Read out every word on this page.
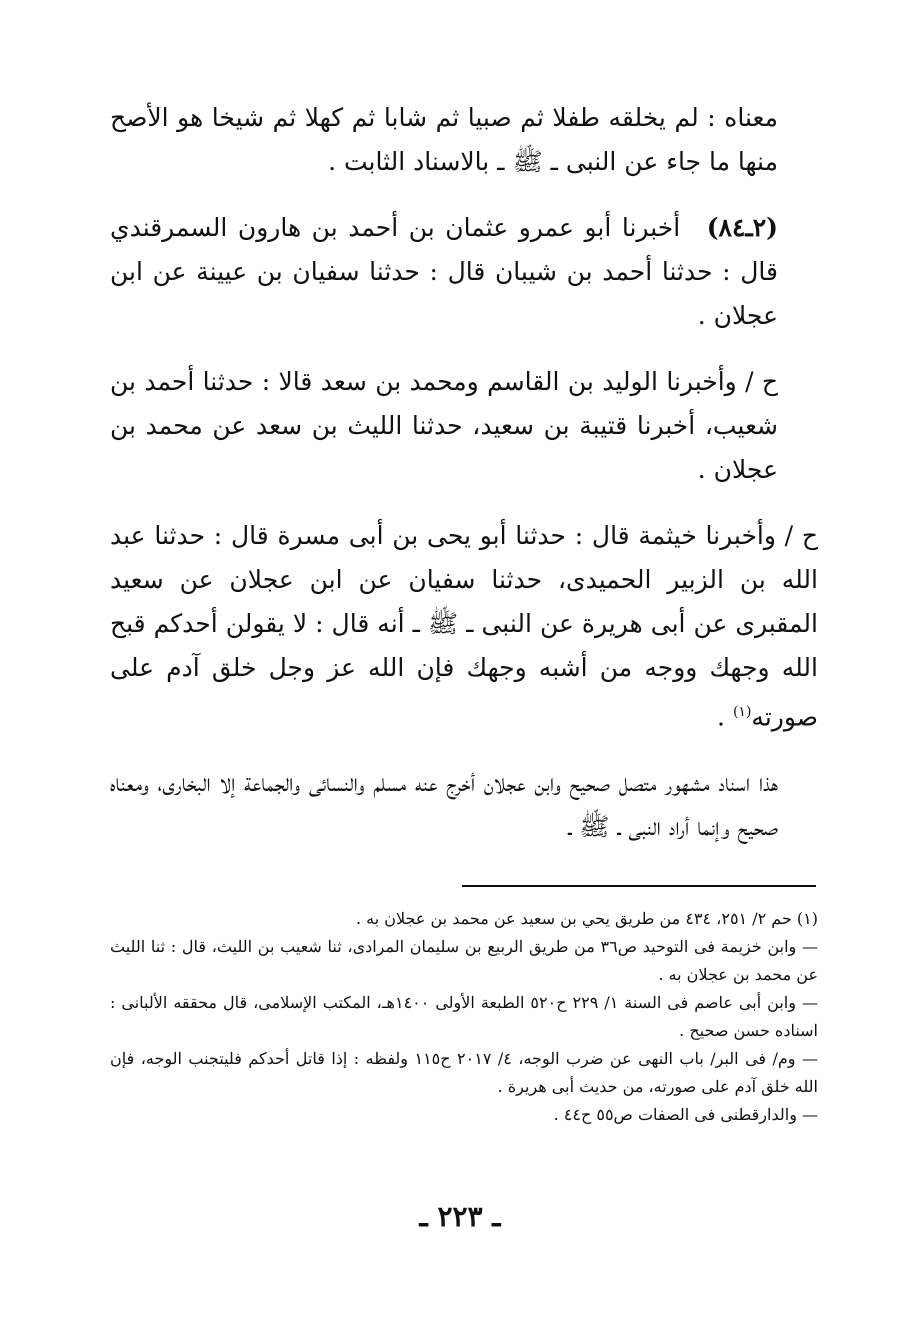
معناه : لم يخلقه طفلا ثم صبيا ثم شابا ثم كهلا ثم شيخا هو الأصح منها ما جاء عن النبى ـ ﷺ ـ بالاسناد الثابت .

(٢ـ٨٤) أخبرنا أبو عمرو عثمان بن أحمد بن هارون السمرقندي قال : حدثنا أحمد بن شيبان قال : حدثنا سفيان بن عيينة عن ابن عجلان .

ح / وأخبرنا الوليد بن القاسم ومحمد بن سعد قالا : حدثنا أحمد بن شعيب، أخبرنا قتيبة بن سعيد، حدثنا الليث بن سعد عن محمد بن عجلان .

ح / وأخبرنا خيثمة قال : حدثنا أبو يحى بن أبى مسرة قال : حدثنا عبد الله بن الزبير الحميدى، حدثنا سفيان عن ابن عجلان عن سعيد المقبرى عن أبى هريرة عن النبى ـ ﷺ ـ أنه قال : لا يقولن أحدكم قبح الله وجهك ووجه من أشبه وجهك فإن الله عز وجل خلق آدم على صورته$^{(١)}$ .

هذا اسناد مشهور متصل صحيح وابن عجلان أخرج عنه مسلم والنسائى والجماعة إلا البخارى، ومعناه صحيح وإنما أراد النبى ـ ﷺ ـ

(١) حم ٢/ ٢٥١، ٤٣٤ من طريق يحي بن سعيد عن محمد بن عجلان به .

— وابن خزيمة فى التوحيد ص٣٦ من طريق الربيع بن سليمان المرادى، ثنا شعيب بن الليث، قال : ثنا الليث عن محمد بن عجلان به .

— وابن أبى عاصم فى السنة ١/ ٢٢٩ ح٥٢٠ الطبعة الأولى ١٤٠٠هـ، المكتب الإسلامى، قال محققه الألبانى : اسناده حسن صحيح .

— وم/ فى البر/ باب النهى عن ضرب الوجه، ٤/ ٢٠١٧ ح١١٥ ولفظه : إذا قاتل أحدكم فليتجنب الوجه، فإن الله خلق آدم على صورته، من حديث أبى هريرة .

— والدارقطنى فى الصفات ص٥٥ ح٤٤ .

ـ ٢٢٣ ـ
